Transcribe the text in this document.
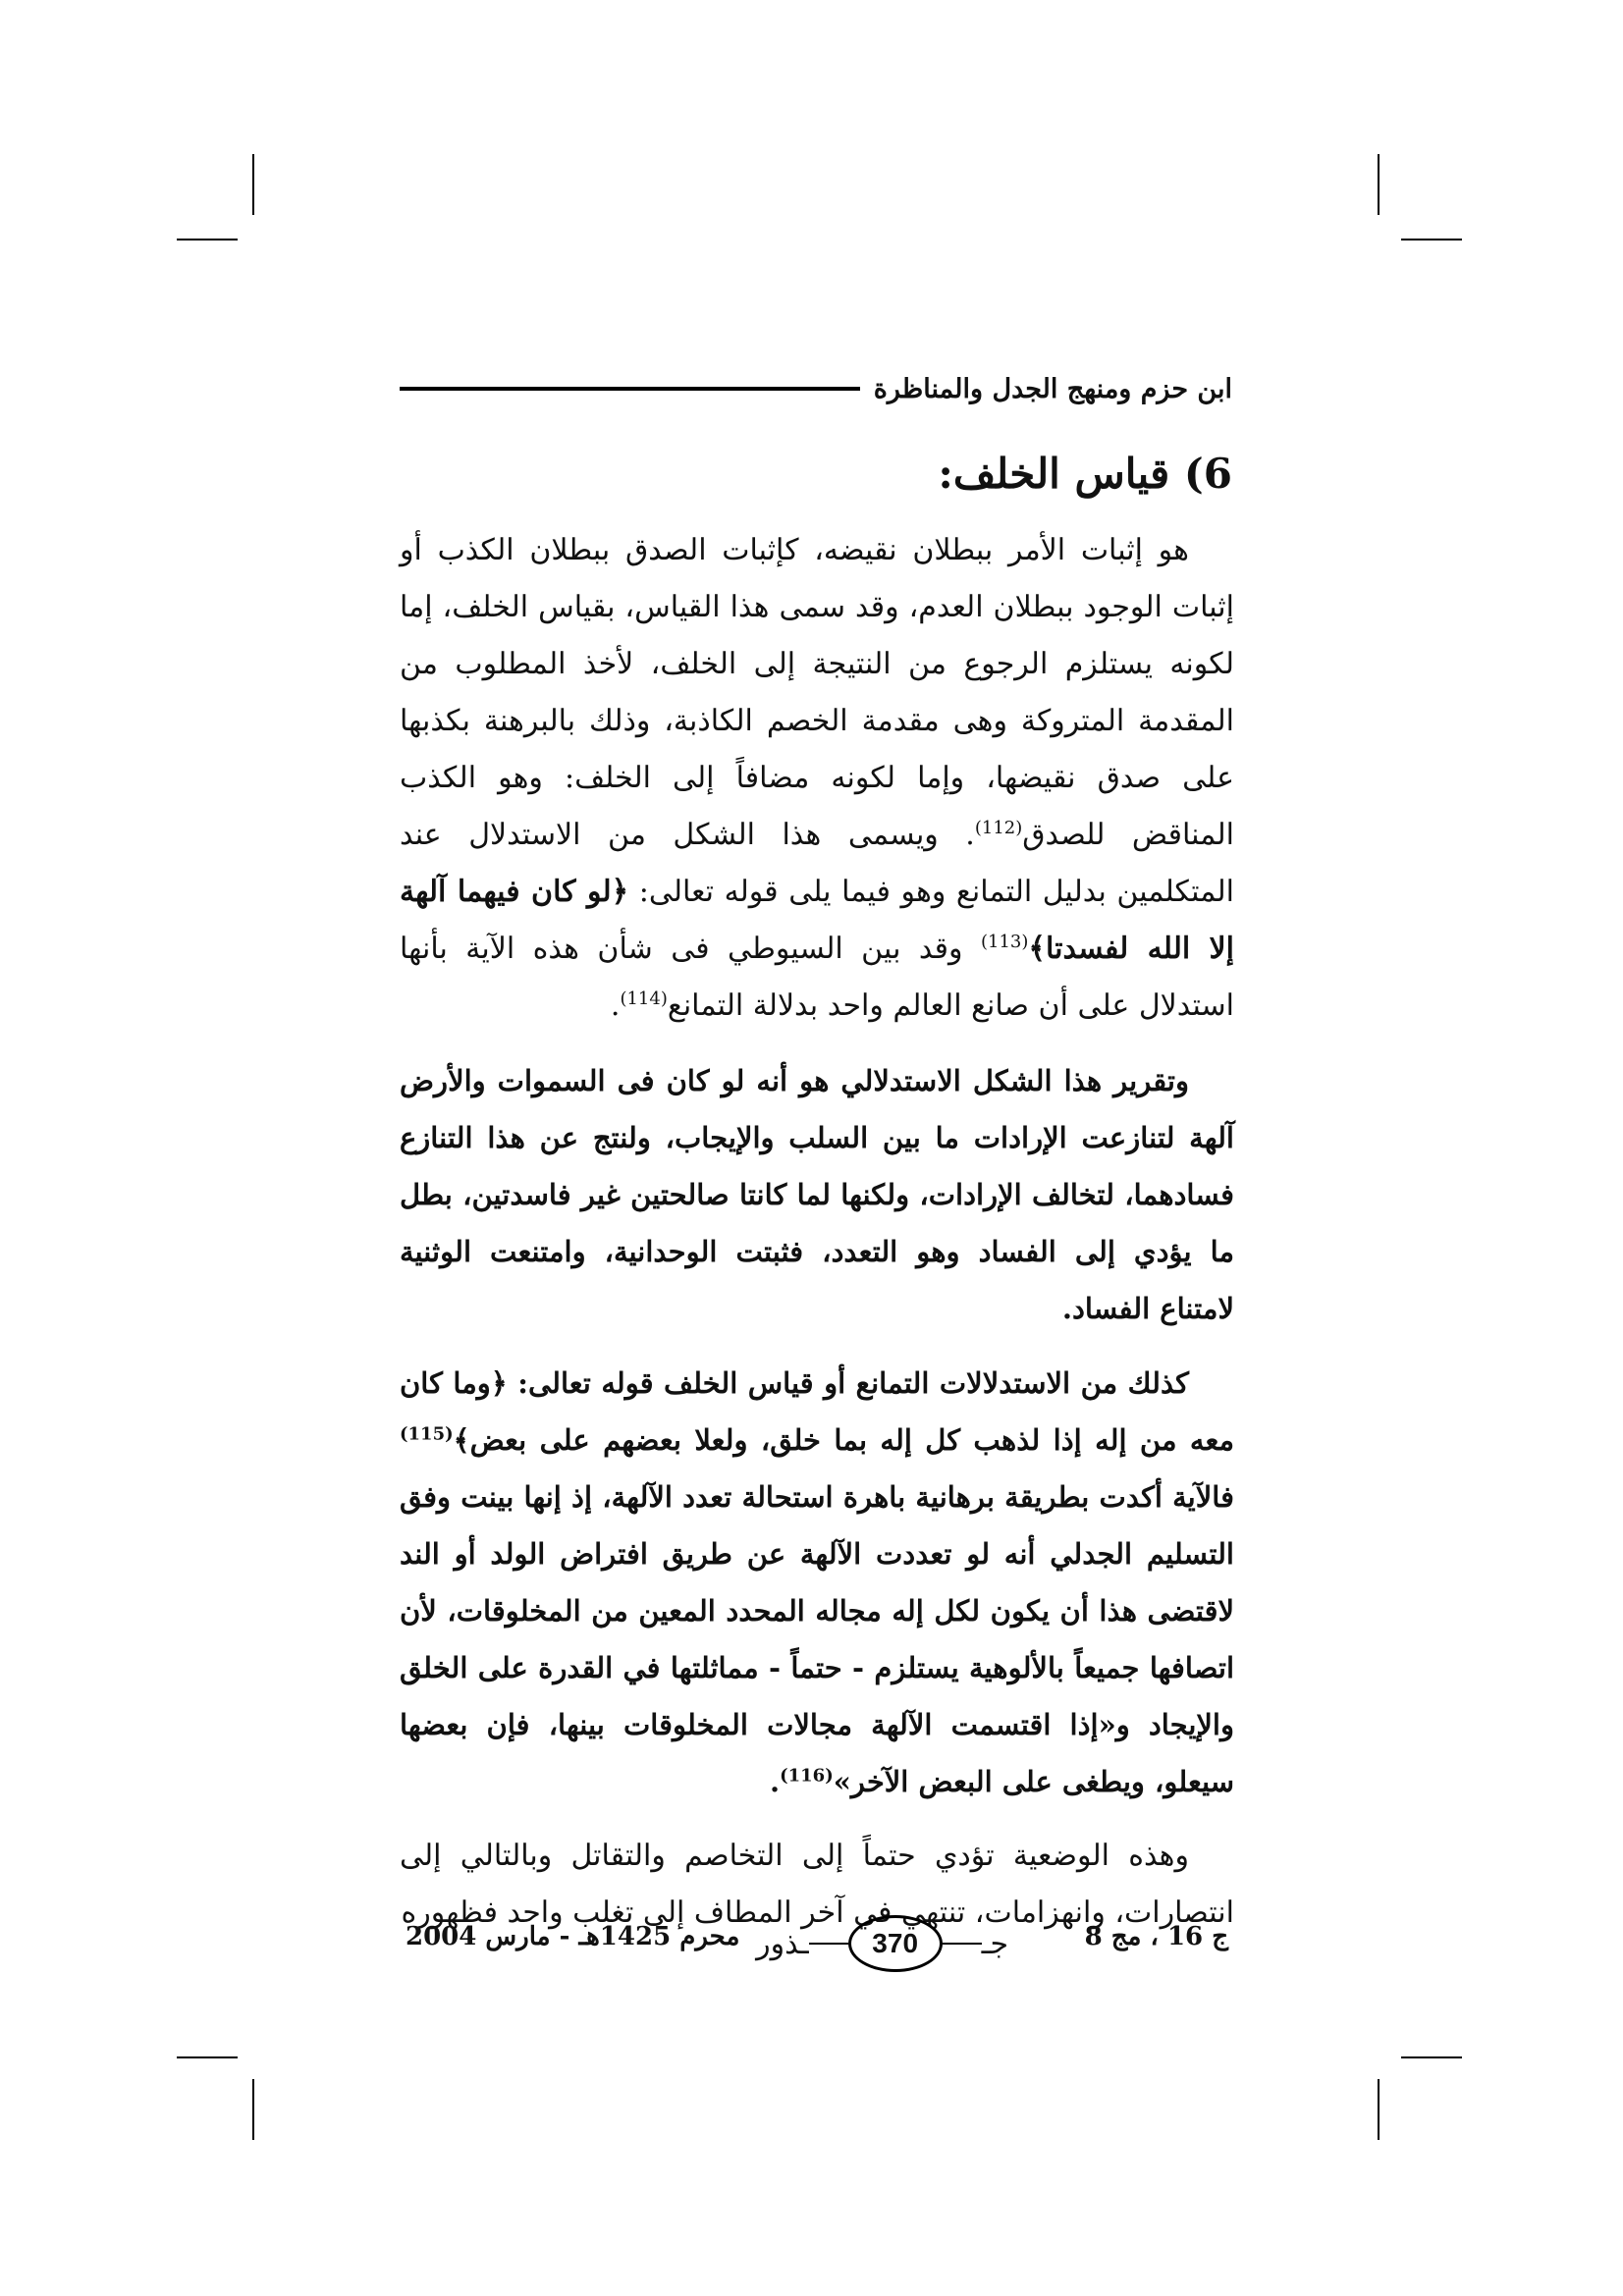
ابن حزم ومنهج الجدل والمناظرة
6) قياس الخلف:

هو إثبات الأمر ببطلان نقيضه، كإثبات الصدق ببطلان الكذب أو إثبات الوجود ببطلان العدم، وقد سمى هذا القياس، بقياس الخلف، إما لكونه يستلزم الرجوع من النتيجة إلى الخلف، لأخذ المطلوب من المقدمة المتروكة وهى مقدمة الخصم الكاذبة، وذلك بالبرهنة بكذبها على صدق نقيضها، وإما لكونه مضافاً إلى الخلف: وهو الكذب المناقض للصدق$^{(112)}$. ويسمى هذا الشكل من الاستدلال عند المتكلمين بدليل التمانع وهو فيما يلى قوله تعالى: ﴿لو كان فيهما آلهة إلا الله لفسدتا﴾$^{(113)}$ وقد بين السيوطي فى شأن هذه الآية بأنها استدلال على أن صانع العالم واحد بدلالة التمانع$^{(114)}$.

وتقرير هذا الشكل الاستدلالي هو أنه لو كان فى السموات والأرض آلهة لتنازعت الإرادات ما بين السلب والإيجاب، ولنتج عن هذا التنازع فسادهما، لتخالف الإرادات، ولكنها لما كانتا صالحتين غير فاسدتين، بطل ما يؤدي إلى الفساد وهو التعدد، فثبتت الوحدانية، وامتنعت الوثنية لامتناع الفساد.

كذلك من الاستدلالات التمانع أو قياس الخلف قوله تعالى: ﴿وما كان معه من إله إذا لذهب كل إله بما خلق، ولعلا بعضهم على بعض﴾$^{(115)}$ فالآية أكدت بطريقة برهانية باهرة استحالة تعدد الآلهة، إذ إنها بينت وفق التسليم الجدلي أنه لو تعددت الآلهة عن طريق افتراض الولد أو الند لاقتضى هذا أن يكون لكل إله مجاله المحدد المعين من المخلوقات، لأن اتصافها جميعاً بالألوهية يستلزم - حتماً - مماثلتها في القدرة على الخلق والإيجاد و«إذا اقتسمت الآلهة مجالات المخلوقات بينها، فإن بعضها سيعلو، ويطغى على البعض الآخر»$^{(116)}$.

وهذه الوضعية تؤدي حتماً إلى التخاصم والتقاتل وبالتالي إلى انتصارات، وانهزامات، تنتهي في آخر المطاف إلى تغلب واحد فظهوره

ج 16 ، مج 8
جـ
370
ـذور
محرم 1425هـ - مارس 2004
